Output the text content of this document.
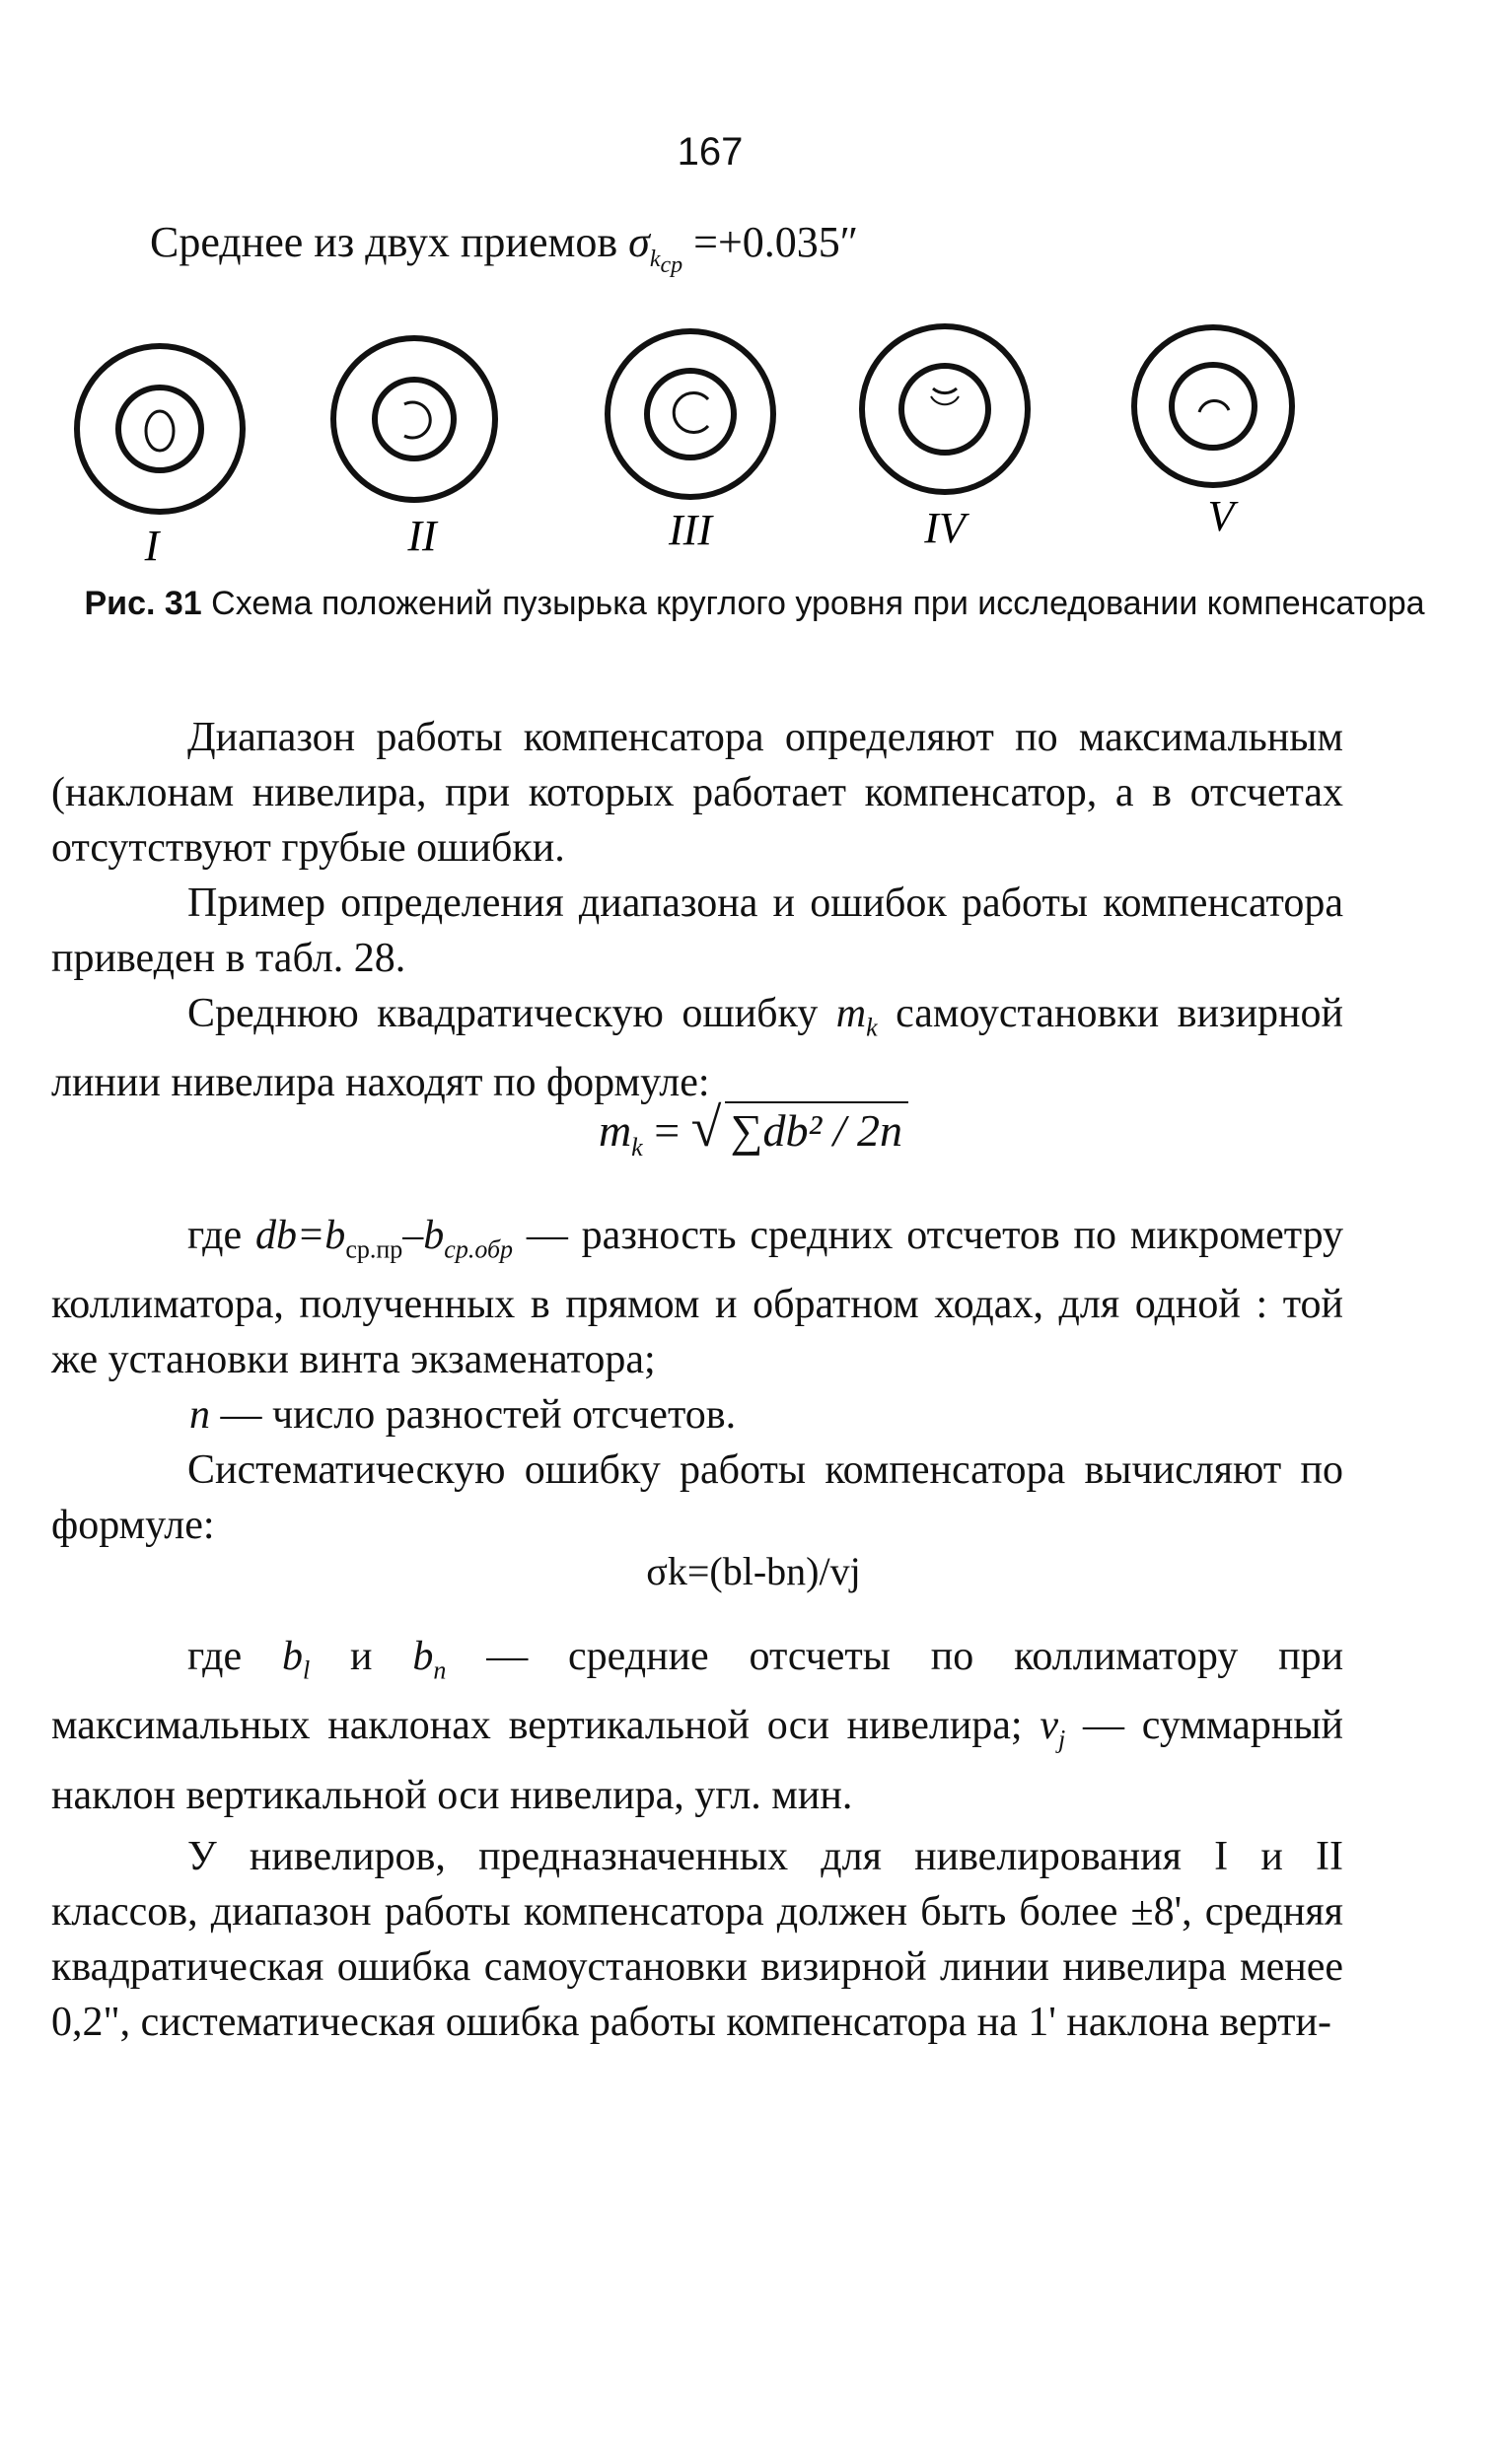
167
Среднее из двух приемов $\sigma_{k_{cp}} =+0.035''$
I	II	III	IV	V
Рис. 31 Схема положений пузырька круглого уровня при исследовании компенсатора

Диапазон работы компенсатора определяют по максимальным (наклонам нивелира, при которых работает компенсатор, а в отсчетах отсутствуют грубые ошибки.

Пример определения диапазона и ошибок работы компенсатора приведен в табл. 28.

Среднюю квадратическую ошибку $m_k$ самоустановки визирной линии нивелира находят по формуле:

$m_k$ = √ ∑db² / 2n

где $db=b_{ср.пр}-b_{ср.обр}$ — разность средних отсчетов по микрометру коллиматора, полученных в прямом и обратном ходах, для одной : той же установки винта экзаменатора;

n — число разностей отсчетов.

Систематическую ошибку работы компенсатора вычисляют по формуле:

σk=(bl-bn)/vj

где $b_l$ и $b_n$ — средние отсчеты по коллиматору при максимальных наклонах вертикальной оси нивелира; $v_j$ — суммарный наклон вертикальной оси нивелира, угл. мин.

У нивелиров, предназначенных для нивелирования I и II классов, диапазон работы компенсатора должен быть более ±8', средняя квадратическая ошибка самоустановки визирной линии нивелира менее 0,2", систематическая ошибка работы компенсатора на 1' наклона верти-
